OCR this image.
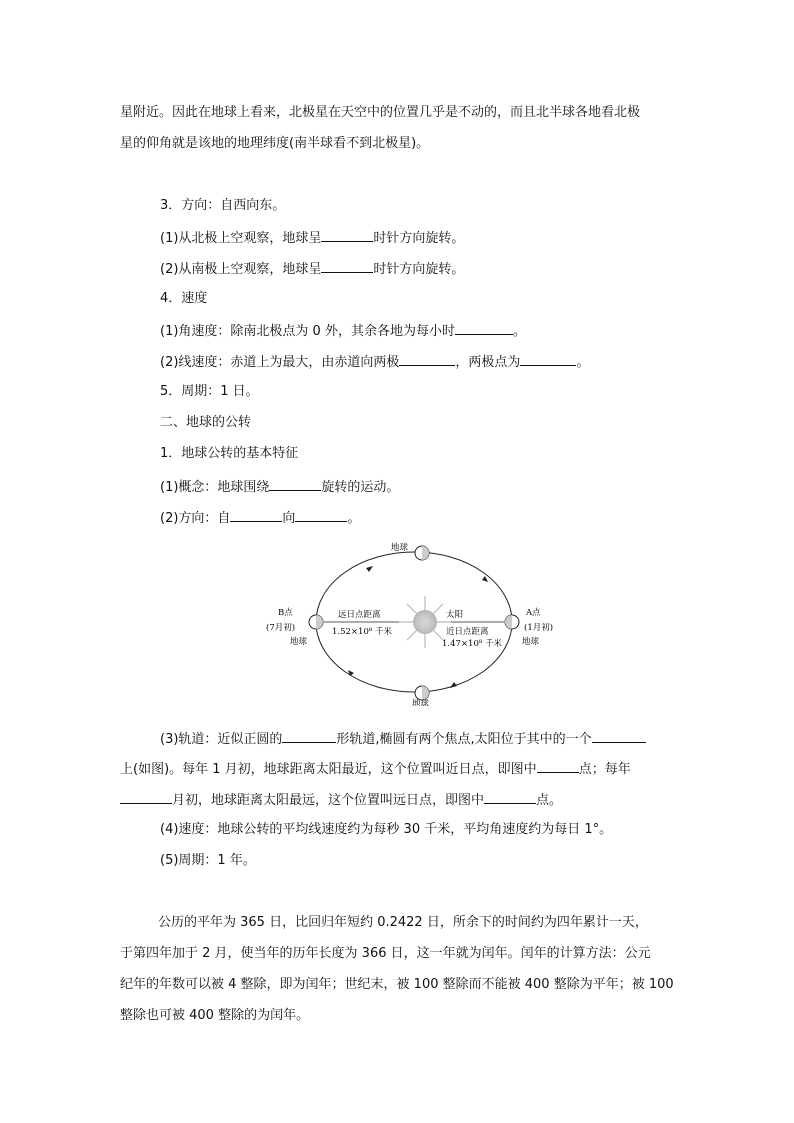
星附近。因此在地球上看来，北极星在天空中的位置几乎是不动的，而且北半球各地看北极
星的仰角就是该地的地理纬度(南半球看不到北极星)。
3．方向：自西向东。
(1)从北极上空观察，地球呈	时针方向旋转。
(2)从南极上空观察，地球呈	时针方向旋转。
4．速度
(1)角速度：除南北极点为 0 外，其余各地为每小时	。
(2)线速度：赤道上为最大，由赤道向两极	，两极点为	。
5．周期：1 日。
二、地球的公转
1．地球公转的基本特征
(1)概念：地球围绕	旋转的运动。
(2)方向：自	向	。
地球
地球
B点
(7月初)
地球
A点
(1月初)
地球
太阳
远日点距离
1.52×10⁸ 千米	近日点距离
1.47×10⁸ 千米
(3)轨道：近似正圆的	形轨道,椭圆有两个焦点,太阳位于其中的一个
上(如图)。每年 1 月初，地球距离太阳最近，这个位置叫近日点，即图中	点；每年
月初，地球距离太阳最远，这个位置叫远日点，即图中	点。
(4)速度：地球公转的平均线速度约为每秒 30 千米，平均角速度约为每日 1°。
(5)周期：1 年。
公历的平年为 365 日，比回归年短约 0.2422 日，所余下的时间约为四年累计一天，
于第四年加于 2 月，使当年的历年长度为 366 日，这一年就为闰年。闰年的计算方法：公元
纪年的年数可以被 4 整除，即为闰年；世纪末，被 100 整除而不能被 400 整除为平年；被 100
整除也可被 400 整除的为闰年。
